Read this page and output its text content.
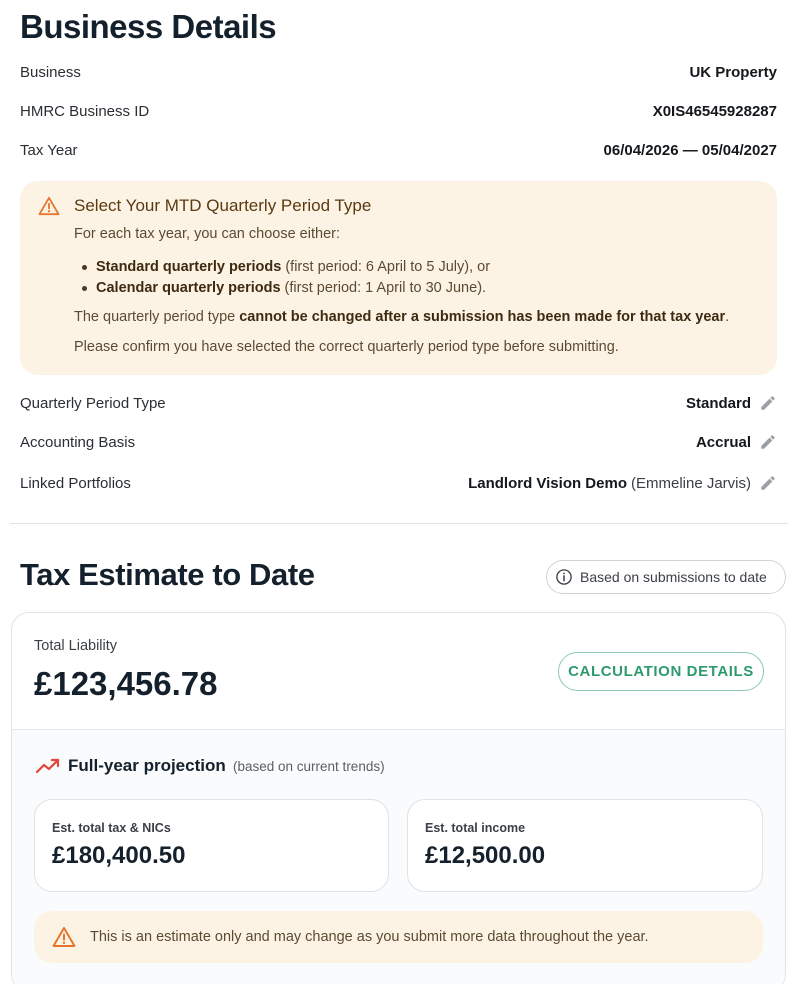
Business Details
Business	UK Property
HMRC Business ID	X0IS46545928287
Tax Year	06/04/2026 — 05/04/2027
Select Your MTD Quarterly Period Type
For each tax year, you can choose either:
Standard quarterly periods (first period: 6 April to 5 July), or
Calendar quarterly periods (first period: 1 April to 30 June).
The quarterly period type cannot be changed after a submission has been made for that tax year.
Please confirm you have selected the correct quarterly period type before submitting.
Quarterly Period Type	Standard
Accounting Basis	Accrual
Linked Portfolios	Landlord Vision Demo (Emmeline Jarvis)
Tax Estimate to Date	Based on submissions to date
Total Liability
£123,456.78	CALCULATION DETAILS
Full-year projection (based on current trends)
Est. total tax & NICs
£180,400.50
Est. total income
£12,500.00
This is an estimate only and may change as you submit more data throughout the year.
